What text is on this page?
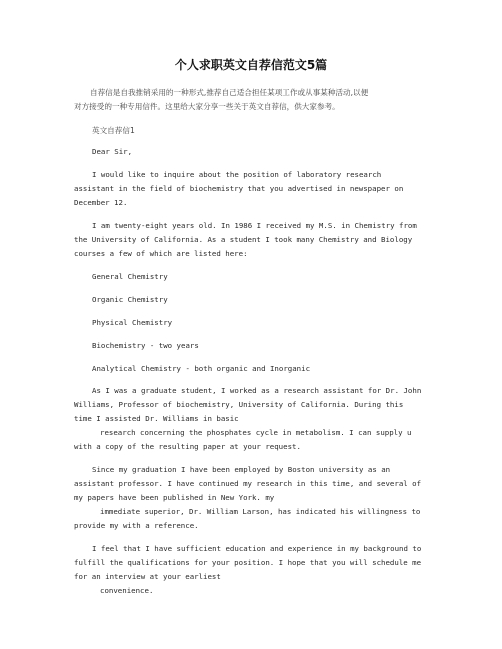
个人求职英文自荐信范文5篇
自荐信是自我推销采用的一种形式,推荐自己适合担任某项工作或从事某种活动,以便
对方接受的一种专用信件。这里给大家分享一些关于英文自荐信，供大家参考。
英文自荐信1
Dear Sir,
I would like to inquire about the position of laboratory research
assistant in the field of biochemistry that you advertised in newspaper on
December 12.
I am twenty-eight years old. In 1986 I received my M.S. in Chemistry from
the University of California. As a student I took many Chemistry and Biology
courses a few of which are listed here:
General Chemistry
Organic Chemistry
Physical Chemistry
Biochemistry - two years
Analytical Chemistry - both organic and Inorganic
As I was a graduate student, I worked as a research assistant for Dr. John
Williams, Professor of biochemistry, University of California. During this
time I assisted Dr. Williams in basic
research concerning the phosphates cycle in metabolism. I can supply u
with a copy of the resulting paper at your request.
Since my graduation I have been employed by Boston university as an
assistant professor. I have continued my research in this time, and several of
my papers have been published in New York. my
immediate superior, Dr. William Larson, has indicated his willingness to
provide my with a reference.
I feel that I have sufficient education and experience in my background to
fulfill the qualifications for your position. I hope that you will schedule me
for an interview at your earliest
convenience.
